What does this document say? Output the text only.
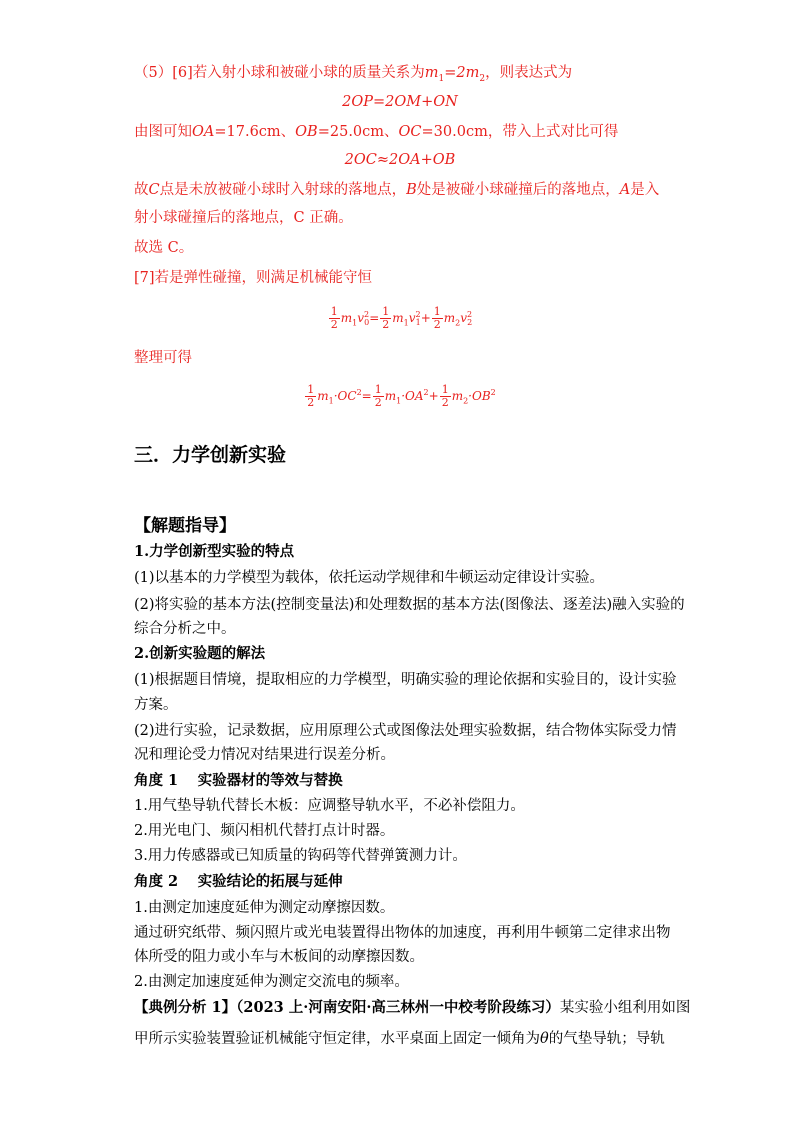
（5）[6]若入射小球和被碰小球的质量关系为$m_1=2m_2$，则表达式为
2OP=2OM+ON
由图可知OA=17.6cm、OB=25.0cm、OC=30.0cm，带入上式对比可得
2OC≈2OA+OB
故C点是未放被碰小球时入射球的落地点，B处是被碰小球碰撞后的落地点，A是入
射小球碰撞后的落地点，C 正确。
故选 C。
[7]若是弹性碰撞，则满足机械能守恒
$\frac{1}{2} m_1v^2_0= \frac{1}{2} m_1v^2_1+ \frac{1}{2} m_2v^2_2$
整理可得
$\frac{1}{2} m_1\cdot OC^2= \frac{1}{2} m_1\cdot OA^2+ \frac{1}{2} m_2\cdot OB^2$
三．力学创新实验
【解题指导】
1.力学创新型实验的特点
(1)以基本的力学模型为载体，依托运动学规律和牛顿运动定律设计实验。
(2)将实验的基本方法(控制变量法)和处理数据的基本方法(图像法、逐差法)融入实验的
综合分析之中。
2.创新实验题的解法
(1)根据题目情境，提取相应的力学模型，明确实验的理论依据和实验目的，设计实验
方案。
(2)进行实验，记录数据，应用原理公式或图像法处理实验数据，结合物体实际受力情
况和理论受力情况对结果进行误差分析。
角度 1　 实验器材的等效与替换
1.用气垫导轨代替长木板：应调整导轨水平，不必补偿阻力。
2.用光电门、频闪相机代替打点计时器。
3.用力传感器或已知质量的钩码等代替弹簧测力计。
角度 2　 实验结论的拓展与延伸
1.由测定加速度延伸为测定动摩擦因数。
通过研究纸带、频闪照片或光电装置得出物体的加速度，再利用牛顿第二定律求出物
体所受的阻力或小车与木板间的动摩擦因数。
2.由测定加速度延伸为测定交流电的频率。
【典例分析 1】（2023 上·河南安阳·高三林州一中校考阶段练习）某实验小组利用如图
甲所示实验装置验证机械能守恒定律，水平桌面上固定一倾角为θ的气垫导轨；导轨
